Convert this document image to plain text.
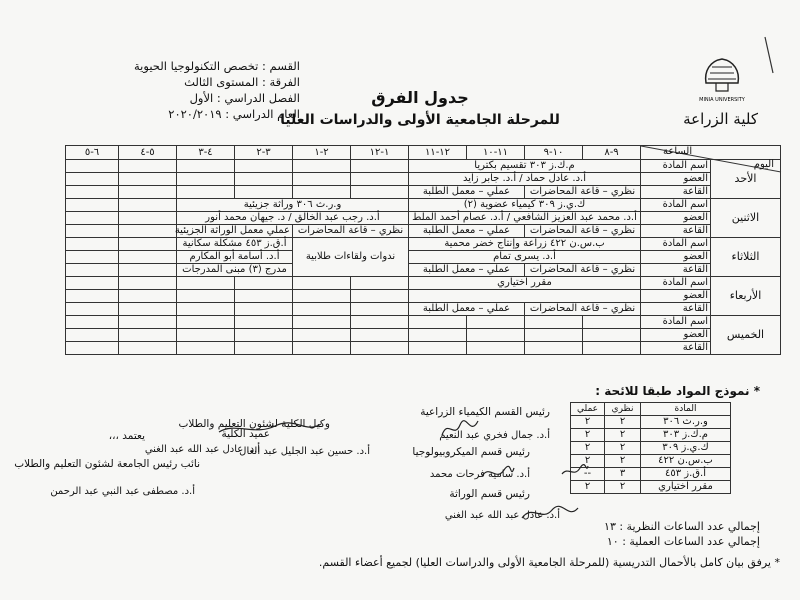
MINIA UNIVERSITY
كلية الزراعة
جدول الفرق
للمرحلة الجامعية الأولى والدراسات العليا
القسم : تخصص التكنولوجيا الحيوية
الفرقة : المستوى الثالث
الفصل الدراسي : الأول
العام الدراسي : ٢٠٢٠/٢٠١٩
الساعة
اليوم		٩-٨	١٠-٩	١١-١٠	١٢-١١	١-١٢	٢-١	٣-٢	٤-٣	٥-٤	٦-٥

الأحد	اسم المادة	م.ك.ز ٣٠٣ تقسيم بكتريا									
	العضو	أ.د. عادل حماد / أ.د. جابر زايد									
	القاعة	نظري – قاعة المحاضرات		عملي – معمل الطلبة							
الاثنين	اسم المادة	ك.ي.ز ٣٠٩ كيمياء عضوية (٢)				و.ر.ث ٣٠٦ وراثة جزيئية					
	العضو	أ.د. محمد عبد العزيز الشافعي / أ.د. عصام أحمد الملط				أ.د. رجب عبد الخالق / د. جيهان محمد أنور					
	القاعة	نظري – قاعة المحاضرات		عملي – معمل الطلبة		نظري – قاعة المحاضرات		عملي معمل الوراثة الجزيئية			
الثلاثاء	اسم المادة	ب.س.ن ٤٢٢ زراعة وإنتاج خضر محمية				ندوات ولقاءات طلابية		أ.ق.ز ٤٥٣ مشكلة سكانية			
	العضو	أ.د. يسرى تمام						أ.د. أسامة أبو المكارم			
	القاعة	نظري – قاعة المحاضرات		عملي – معمل الطلبة				مدرج (٣) مبنى المدرجات			
الأربعاء	اسم المادة	مقرر اختياري									
	العضو										
	القاعة	نظري – قاعة المحاضرات		عملي – معمل الطلبة							
الخميس	اسم المادة										
	العضو										
	القاعة										
* نموذج المواد طبقا للائحة :
المادة	نظري	عملي
و.ر.ث ٣٠٦	٢	٢
م.ك.ز ٣٠٣	٢	٢
ك.ي.ز ٣٠٩	٢	٢
ب.س.ن ٤٢٢	٢	٢
أ.ق.ز ٤٥٣	٣	--
مقرر اختياري	٢	٢
إجمالي عدد الساعات النظرية : ١٣
إجمالي عدد الساعات العملية : ١٠
رئيس القسم الكيمياء الزراعية
أ.د. جمال فخري عبد النعيم
وكيل الكلية لشئون التعليم والطلاب
أ.د. حسين عبد الجليل عبد العال
عميد الكلية
أ.د. عادل عبد الله عبد الغني
يعتمد ،،،
نائب رئيس الجامعة لشئون التعليم والطلاب
أ.د. مصطفى عبد النبي عبد الرحمن
رئيس قسم الميكروبيولوجيا
أ.د. سامية فرحات محمد
رئيس قسم الوراثة
أ.د. عادل عبد الله عبد الغني
* يرفق بيان كامل بالأحمال التدريسية (للمرحلة الجامعية الأولى والدراسات العليا) لجميع أعضاء القسم.
